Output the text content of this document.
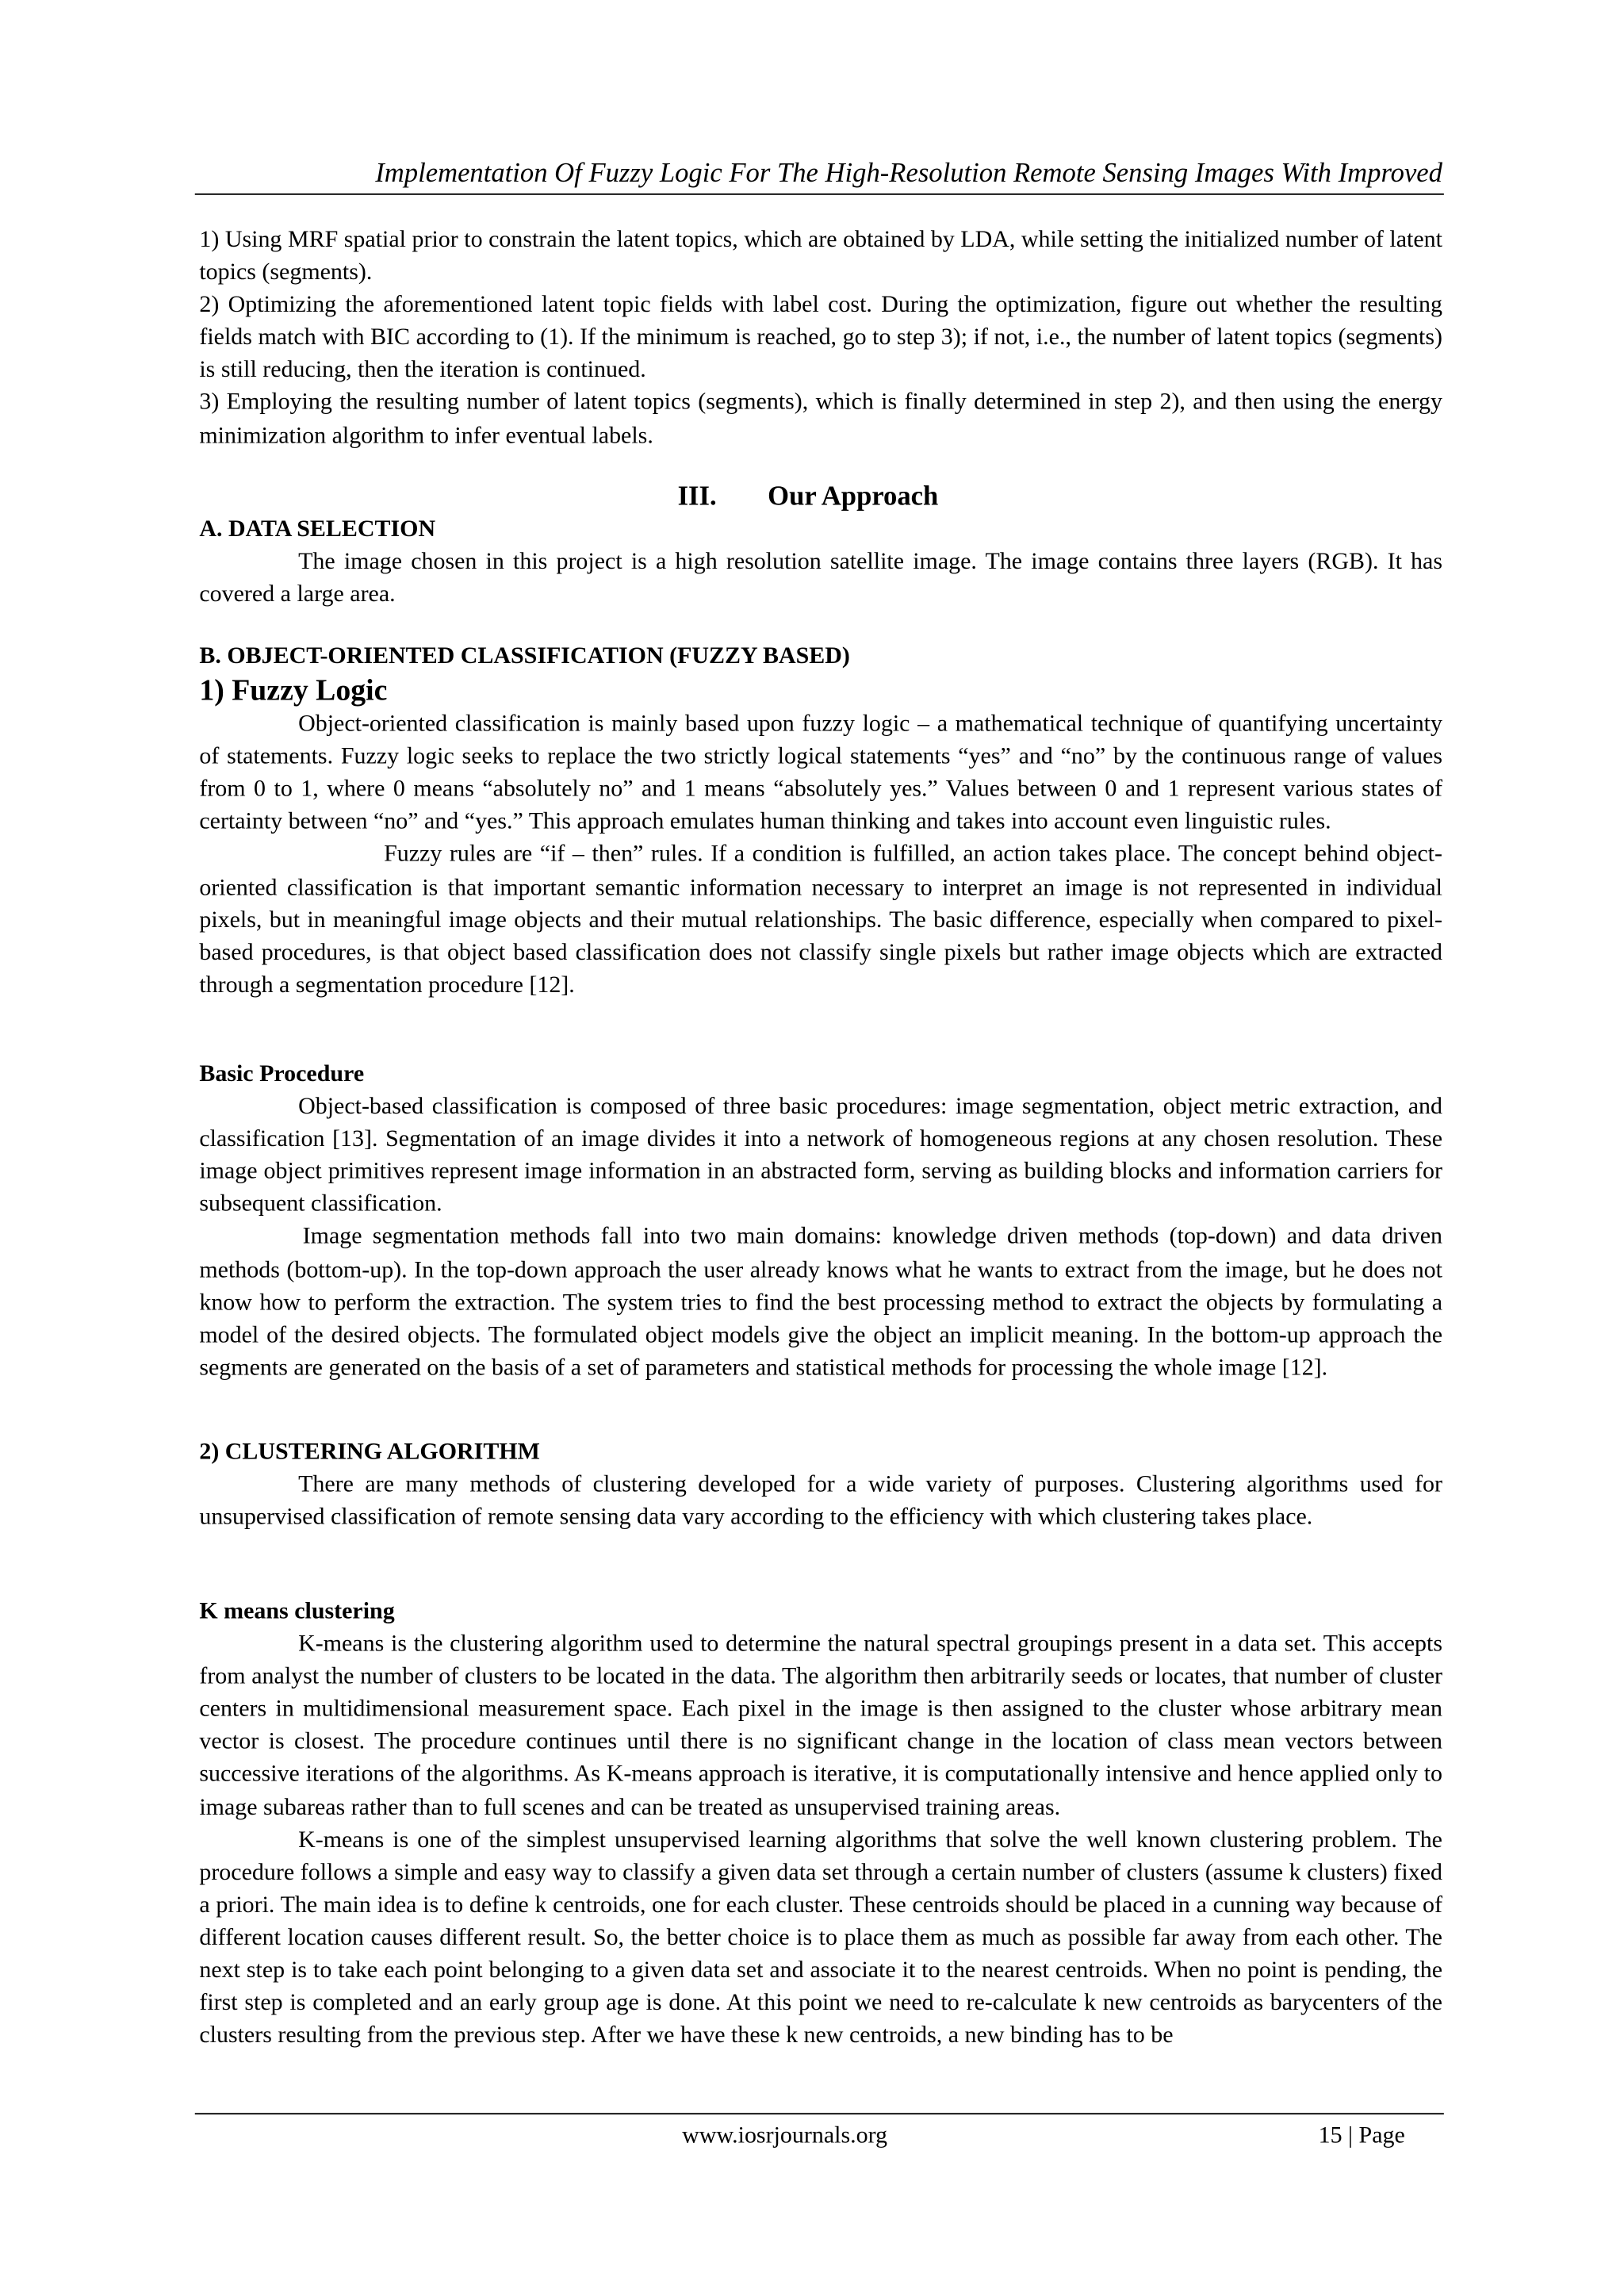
Implementation Of Fuzzy Logic For The High-Resolution Remote Sensing Images With Improved

1) Using MRF spatial prior to constrain the latent topics, which are obtained by LDA, while setting the initialized number of latent topics (segments).

2) Optimizing the aforementioned latent topic fields with label cost. During the optimization, figure out whether the resulting fields match with BIC according to (1). If the minimum is reached, go to step 3); if not, i.e., the number of latent topics (segments) is still reducing, then the iteration is continued.

3) Employing the resulting number of latent topics (segments), which is finally determined in step 2), and then using the energy minimization algorithm to infer eventual labels.

III.	Our Approach

A. DATA SELECTION

The image chosen in this project is a high resolution satellite image. The image contains three layers (RGB). It has covered a large area.

B. OBJECT-ORIENTED CLASSIFICATION (FUZZY BASED)

1) Fuzzy Logic

Object-oriented classification is mainly based upon fuzzy logic – a mathematical technique of quantifying uncertainty of statements. Fuzzy logic seeks to replace the two strictly logical statements “yes” and “no” by the continuous range of values from 0 to 1, where 0 means “absolutely no” and 1 means “absolutely yes.” Values between 0 and 1 represent various states of certainty between “no” and “yes.” This approach emulates human thinking and takes into account even linguistic rules.

Fuzzy rules are “if – then” rules. If a condition is fulfilled, an action takes place. The concept behind object-oriented classification is that important semantic information necessary to interpret an image is not represented in individual pixels, but in meaningful image objects and their mutual relationships. The basic difference, especially when compared to pixel-based procedures, is that object based classification does not classify single pixels but rather image objects which are extracted through a segmentation procedure [12].

Basic Procedure

Object-based classification is composed of three basic procedures: image segmentation, object metric extraction, and classification [13]. Segmentation of an image divides it into a network of homogeneous regions at any chosen resolution. These image object primitives represent image information in an abstracted form, serving as building blocks and information carriers for subsequent classification.

Image segmentation methods fall into two main domains: knowledge driven methods (top-down) and data driven methods (bottom-up). In the top-down approach the user already knows what he wants to extract from the image, but he does not know how to perform the extraction. The system tries to find the best processing method to extract the objects by formulating a model of the desired objects. The formulated object models give the object an implicit meaning. In the bottom-up approach the segments are generated on the basis of a set of parameters and statistical methods for processing the whole image [12].

2) CLUSTERING ALGORITHM

There are many methods of clustering developed for a wide variety of purposes. Clustering algorithms used for unsupervised classification of remote sensing data vary according to the efficiency with which clustering takes place.

K means clustering

K-means is the clustering algorithm used to determine the natural spectral groupings present in a data set. This accepts from analyst the number of clusters to be located in the data. The algorithm then arbitrarily seeds or locates, that number of cluster centers in multidimensional measurement space. Each pixel in the image is then assigned to the cluster whose arbitrary mean vector is closest. The procedure continues until there is no significant change in the location of class mean vectors between successive iterations of the algorithms. As K-means approach is iterative, it is computationally intensive and hence applied only to image subareas rather than to full scenes and can be treated as unsupervised training areas.

K-means is one of the simplest unsupervised learning algorithms that solve the well known clustering problem. The procedure follows a simple and easy way to classify a given data set through a certain number of clusters (assume k clusters) fixed a priori. The main idea is to define k centroids, one for each cluster. These centroids should be placed in a cunning way because of different location causes different result. So, the better choice is to place them as much as possible far away from each other. The next step is to take each point belonging to a given data set and associate it to the nearest centroids. When no point is pending, the first step is completed and an early group age is done. At this point we need to re-calculate k new centroids as barycenters of the clusters resulting from the previous step. After we have these k new centroids, a new binding has to be

www.iosrjournals.org	15 | Page
